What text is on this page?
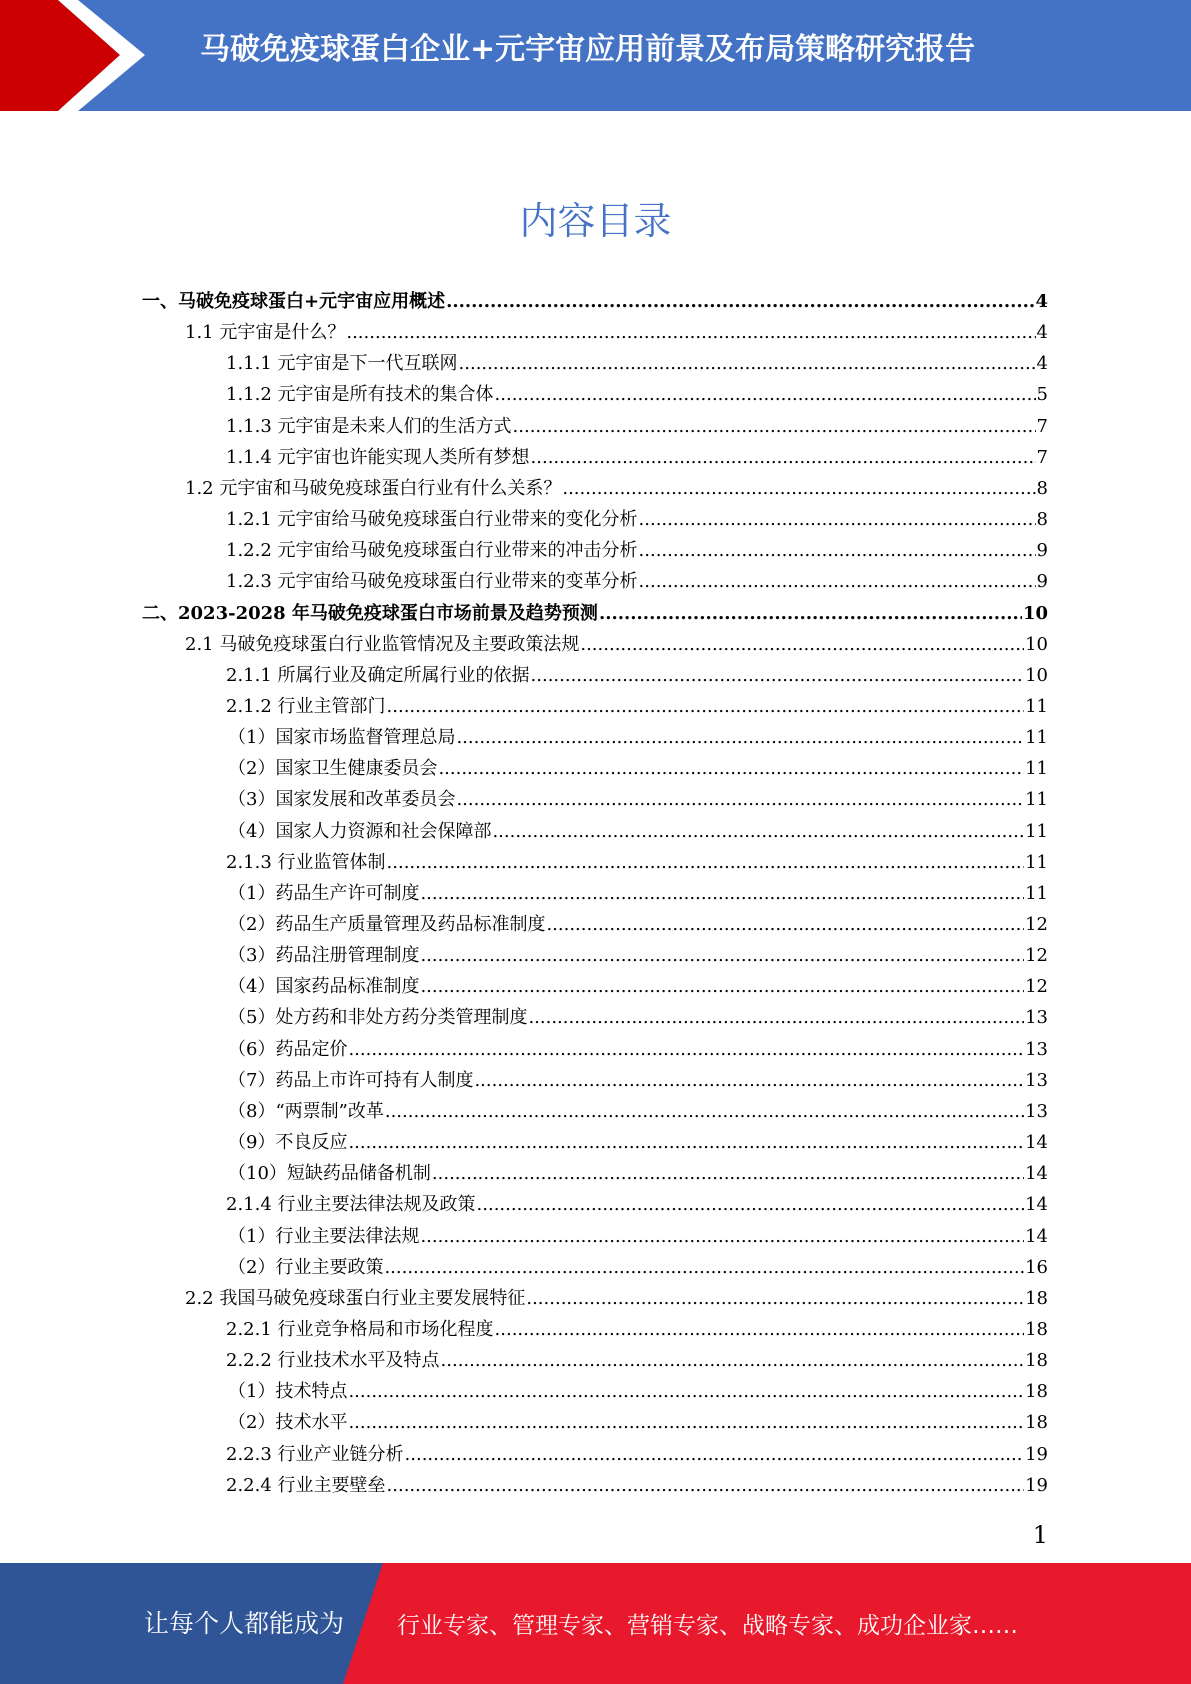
马破免疫球蛋白企业+元宇宙应用前景及布局策略研究报告
内容目录
一、马破免疫球蛋白+元宇宙应用概述 .....	4
1.1 元宇宙是什么？ .....	4
1.1.1 元宇宙是下一代互联网 .....	4
1.1.2 元宇宙是所有技术的集合体 .....	5
1.1.3 元宇宙是未来人们的生活方式 .....	7
1.1.4 元宇宙也许能实现人类所有梦想 .....	7
1.2 元宇宙和马破免疫球蛋白行业有什么关系？ .....	8
1.2.1 元宇宙给马破免疫球蛋白行业带来的变化分析 .....	8
1.2.2 元宇宙给马破免疫球蛋白行业带来的冲击分析 .....	9
1.2.3 元宇宙给马破免疫球蛋白行业带来的变革分析 .....	9
二、2023-2028 年马破免疫球蛋白市场前景及趋势预测 .....	10
2.1 马破免疫球蛋白行业监管情况及主要政策法规 .....	10
2.1.1 所属行业及确定所属行业的依据 .....	10
2.1.2 行业主管部门 .....	11
（1）国家市场监督管理总局 .....	11
（2）国家卫生健康委员会 .....	11
（3）国家发展和改革委员会 .....	11
（4）国家人力资源和社会保障部 .....	11
2.1.3 行业监管体制 .....	11
（1）药品生产许可制度 .....	11
（2）药品生产质量管理及药品标准制度 .....	12
（3）药品注册管理制度 .....	12
（4）国家药品标准制度 .....	12
（5）处方药和非处方药分类管理制度 .....	13
（6）药品定价 .....	13
（7）药品上市许可持有人制度 .....	13
（8）“两票制”改革 .....	13
（9）不良反应 .....	14
（10）短缺药品储备机制 .....	14
2.1.4 行业主要法律法规及政策 .....	14
（1）行业主要法律法规 .....	14
（2）行业主要政策 .....	16
2.2 我国马破免疫球蛋白行业主要发展特征 .....	18
2.2.1 行业竞争格局和市场化程度 .....	18
2.2.2 行业技术水平及特点 .....	18
（1）技术特点 .....	18
（2）技术水平 .....	18
2.2.3 行业产业链分析 .....	19
2.2.4 行业主要壁垒 .....	19
1
让每个人都能成为 行业专家、管理专家、营销专家、战略专家、成功企业家……
